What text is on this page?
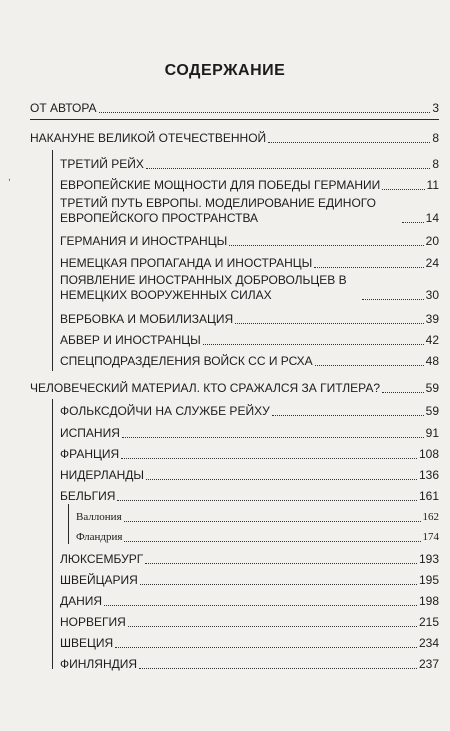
СОДЕРЖАНИЕ
,
ОТ АВТОРА	3
НАКАНУНЕ ВЕЛИКОЙ ОТЕЧЕСТВЕННОЙ	8
ТРЕТИЙ РЕЙХ	8
ЕВРОПЕЙСКИЕ МОЩНОСТИ ДЛЯ ПОБЕДЫ ГЕРМАНИИ	11
ТРЕТИЙ ПУТЬ ЕВРОПЫ. МОДЕЛИРОВАНИЕ ЕДИНОГО ЕВРОПЕЙСКОГО ПРОСТРАНСТВА	14
ГЕРМАНИЯ И ИНОСТРАНЦЫ	20
НЕМЕЦКАЯ ПРОПАГАНДА И ИНОСТРАНЦЫ	24
ПОЯВЛЕНИЕ ИНОСТРАННЫХ ДОБРОВОЛЬЦЕВ В НЕМЕЦКИХ ВООРУЖЕННЫХ СИЛАХ	30
ВЕРБОВКА И МОБИЛИЗАЦИЯ	39
АБВЕР И ИНОСТРАНЦЫ	42
СПЕЦПОДРАЗДЕЛЕНИЯ ВОЙСК СС И РСХА	48
ЧЕЛОВЕЧЕСКИЙ МАТЕРИАЛ. КТО СРАЖАЛСЯ ЗА ГИТЛЕРА?	59
ФОЛЬКСДОЙЧИ НА СЛУЖБЕ РЕЙХУ	59
ИСПАНИЯ	91
ФРАНЦИЯ	108
НИДЕРЛАНДЫ	136
БЕЛЬГИЯ	161
Валлония	162
Фландрия	174
ЛЮКСЕМБУРГ	193
ШВЕЙЦАРИЯ	195
ДАНИЯ	198
НОРВЕГИЯ	215
ШВЕЦИЯ	234
ФИНЛЯНДИЯ	237
